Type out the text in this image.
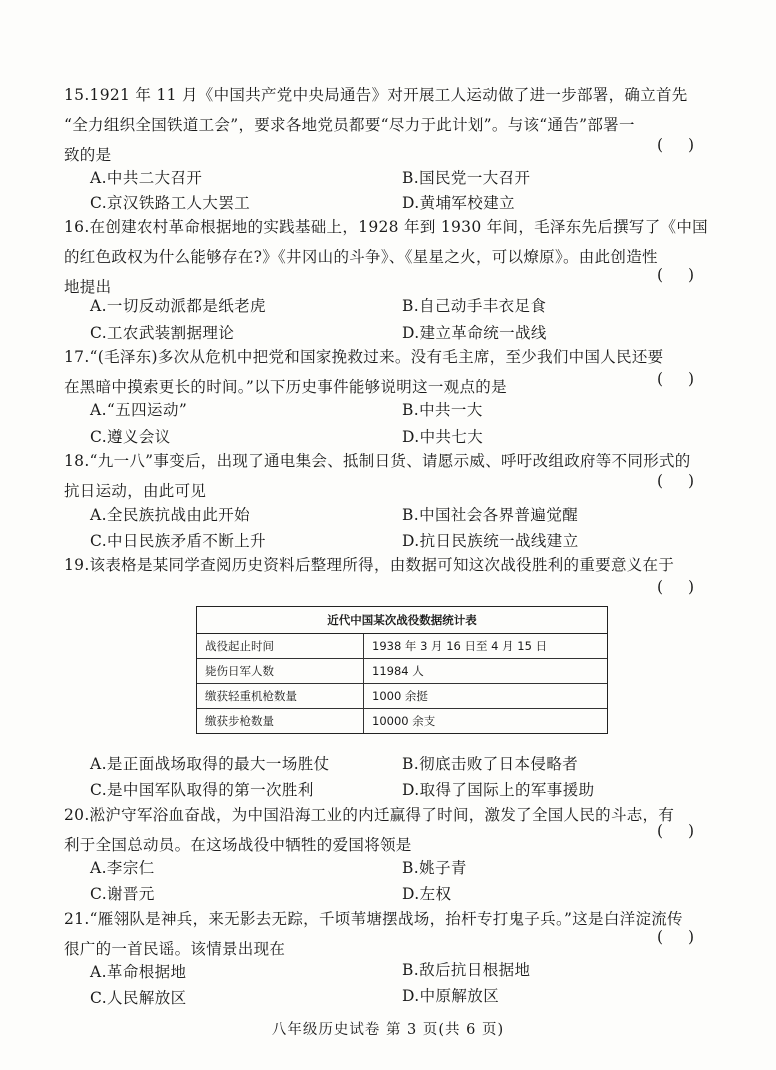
15.1921 年 11 月《中国共产党中央局通告》对开展工人运动做了进一步部署，确立首先
“全力组织全国铁道工会”，要求各地党员都要“尽力于此计划”。与该“通告”部署一
致的是
( )
A.中共二大召开	B.国民党一大召开
C.京汉铁路工人大罢工	D.黄埔军校建立
16.在创建农村革命根据地的实践基础上，1928 年到 1930 年间，毛泽东先后撰写了《中国
的红色政权为什么能够存在?》《井冈山的斗争》、《星星之火，可以燎原》。由此创造性
地提出
( )
A.一切反动派都是纸老虎	B.自己动手丰衣足食
C.工农武装割据理论	D.建立革命统一战线
17.“(毛泽东)多次从危机中把党和国家挽救过来。没有毛主席，至少我们中国人民还要
在黑暗中摸索更长的时间。”以下历史事件能够说明这一观点的是	( )
A.“五四运动”	B.中共一大
C.遵义会议	D.中共七大
18.“九一八”事变后，出现了通电集会、抵制日货、请愿示威、呼吁改组政府等不同形式的
抗日运动，由此可见
( )
A.全民族抗战由此开始	B.中国社会各界普遍觉醒
C.中日民族矛盾不断上升	D.抗日民族统一战线建立
19.该表格是某同学查阅历史资料后整理所得，由数据可知这次战役胜利的重要意义在于
( )
近代中国某次战役数据统计表
战役起止时间	1938 年 3 月 16 日至 4 月 15 日
毙伤日军人数	11984 人
缴获轻重机枪数量	1000 余挺
缴获步枪数量	10000 余支
A.是正面战场取得的最大一场胜仗	B.彻底击败了日本侵略者
C.是中国军队取得的第一次胜利	D.取得了国际上的军事援助
20.淞沪守军浴血奋战，为中国沿海工业的内迁赢得了时间，激发了全国人民的斗志，有
利于全国总动员。在这场战役中牺牲的爱国将领是
( )
A.李宗仁	B.姚子青
C.谢晋元	D.左权
21.“雁翎队是神兵，来无影去无踪，千顷苇塘摆战场，抬杆专打鬼子兵。”这是白洋淀流传
很广的一首民谣。该情景出现在
( )
A.革命根据地	B.敌后抗日根据地
C.人民解放区	D.中原解放区
八年级历史试卷 第 3 页(共 6 页)
